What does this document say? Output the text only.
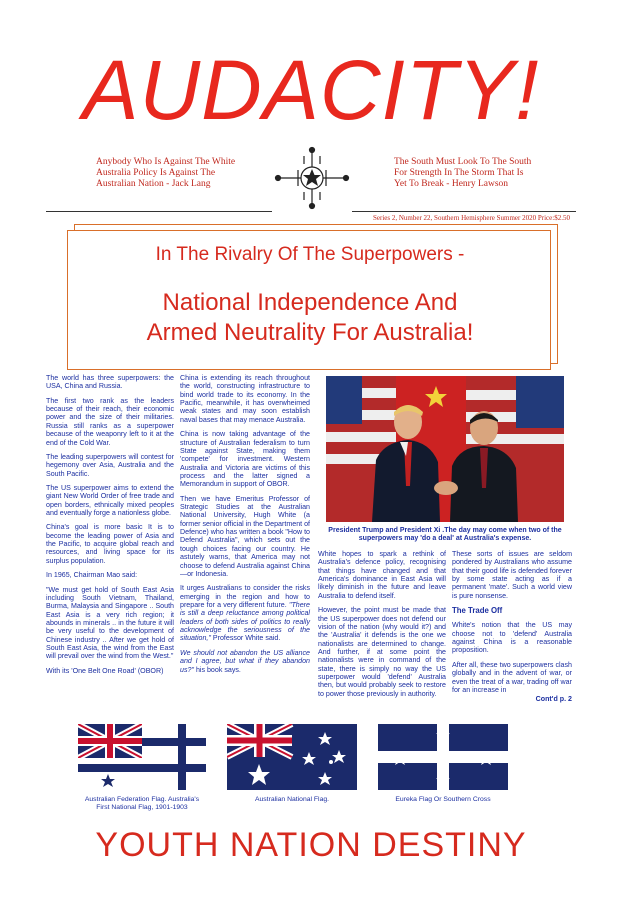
AUDACITY!
Anybody Who Is Against The White
Australia Policy Is Against The
Australian Nation - Jack Lang
The South Must Look To The South
For Strength In The Storm That Is
Yet To Break - Henry Lawson
Series 2, Number 22, Southern Hemisphere Summer 2020 Price:$2.50
In The Rivalry Of The Superpowers -
National Independence And
Armed Neutrality For Australia!

The world has three superpowers: the USA, China and Russia.

The first two rank as the leaders because of their reach, their economic power and the size of their militaries. Russia still ranks as a superpower because of the weaponry left to it at the end of the Cold War.

The leading superpowers will contest for hegemony over Asia, Australia and the South Pacific.

The US superpower aims to extend the giant New World Order of free trade and open borders, ethnically mixed peoples and eventually forge a nationless globe.

China's goal is more basic It is to become the leading power of Asia and the Pacific, to acquire global reach and resources, and living space for its surplus population.

In 1965, Chairman Mao said:

"We must get hold of South East Asia including South Vietnam, Thailand, Burma, Malaysia and Singapore .. South East Asia is a very rich region; it abounds in minerals .. in the future it will be very useful to the development of Chinese industry .. After we get hold of South East Asia, the wind from the East will prevail over the wind from the West."

With its 'One Belt One Road' (OBOR)

China is extending its reach throughout the world, constructing infrastructure to bind world trade to its economy. In the Pacific, meanwhile, it has overwheimed weak states and may soon establish naval bases that may menace Australia.

China is now taking advantage of the structure of Australian federalism to turn State against State, making them 'compete' for investment. Western Australia and Victoria are victims of this process and the latter signed a Memorandum in support of OBOR.

Then we have Emeritus Professor of Strategic Studies at the Australian National University, Hugh White (a former senior official in the Department of Defence) who has written a book "How to Defend Australia", which sets out the tough choices facing our country. He astutely warns, that America may not choose to defend Australia against China—or Indonesia.

It urges Australians to consider the risks emerging in the region and how to prepare for a very different future. "There is still a deep reluctance among political leaders of both sides of politics to really acknowledge the seriousness of the situation," Professor White said.

We should not abandon the US alliance and I agree, but what if they abandon us?" his book says.

President Trump and President Xi .The day may come when two of the superpowers may 'do a deal' at Australia's expense.

White hopes to spark a rethink of Australia's defence policy, recognising that things have changed and that America's dominance in East Asia will likely diminish in the future and leave Australia to defend itself.

However, the point must be made that the US superpower does not defend our vision of the nation (why would it?) and the 'Australia' it defends is the one we nationalists are determined to change. And further, if at some point the nationalists were in command of the state, there is simply no way the US superpower would 'defend' Australia then, but would probably seek to restore to power those previously in authority.

These sorts of issues are seldom pondered by Australians who assume that their good life is defended forever by some state acting as if a permanent 'mate'. Such a world view is pure nonsense.

The Trade Off

White's notion that the US may choose not to 'defend' Australia against China is a reasonable proposition.

After all, these two superpowers clash globally and in the advent of war, or even the treat of a war, trading off war for an increase in

Cont'd p. 2
Australian Federation Flag. Australia's
First National Flag, 1901-1903
Australian National Flag.	Eureka Flag Or Southern Cross
YOUTH NATION DESTINY
